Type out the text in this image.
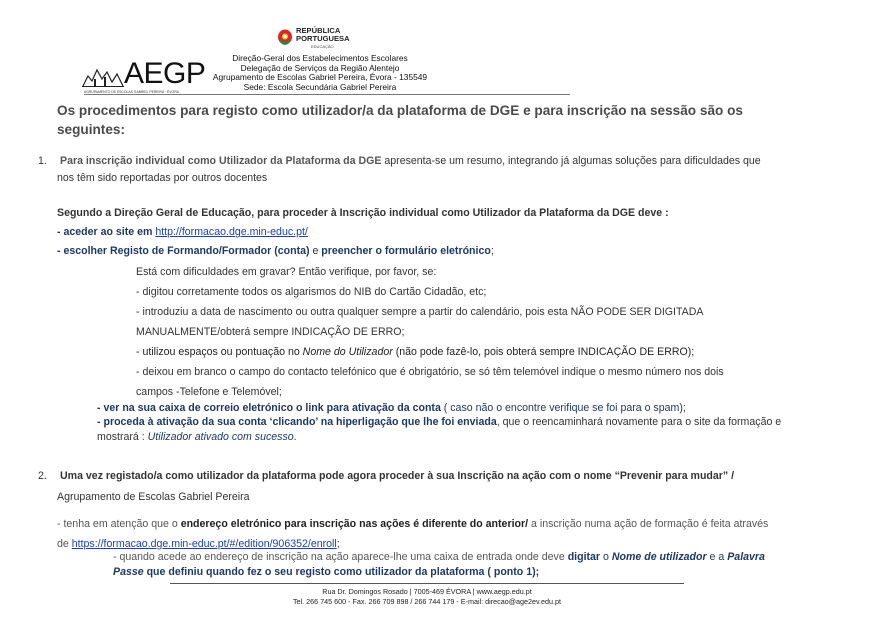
REPÚBLICA
PORTUGUESA
EDUCAÇÃO
Direção-Geral dos Estabelecimentos Escolares
Delegação de Serviços da Região Alentejo
Agrupamento de Escolas Gabriel Pereira, Évora - 135549
Sede: Escola Secundária Gabriel Pereira
AEGP
AGRUPAMENTO DE ESCOLAS GABRIEL PEREIRA · ÉVORA
Os procedimentos para registo como utilizador/a da plataforma de DGE e para inscrição na sessão são os
seguintes:
1. Para inscrição individual como Utilizador da Plataforma da DGE apresenta-se um resumo, integrando já algumas soluções para dificuldades que
nos têm sido reportadas por outros docentes
Segundo a Direção Geral de Educação, para proceder à Inscrição individual como Utilizador da Plataforma da DGE deve :
- aceder ao site em http://formacao.dge.min-educ.pt/
- escolher Registo de Formando/Formador (conta) e preencher o formulário eletrónico;
Está com dificuldades em gravar? Então verifique, por favor, se:
- digitou corretamente todos os algarismos do NIB do Cartão Cidadão, etc;
- introduziu a data de nascimento ou outra qualquer sempre a partir do calendário, pois esta NÃO PODE SER DIGITADA
MANUALMENTE/obterá sempre INDICAÇÃO DE ERRO;
- utilizou espaços ou pontuação no Nome do Utilizador (não pode fazê-lo, pois obterá sempre INDICAÇÃO DE ERRO);
- deixou em branco o campo do contacto telefónico que é obrigatório, se só têm telemóvel indique o mesmo número nos dois
campos -Telefone e Telemóvel;
- ver na sua caixa de correio eletrónico o link para ativação da conta ( caso não o encontre verifique se foi para o spam);
- proceda à ativação da sua conta ‘clicando’ na hiperligação que lhe foi enviada, que o reencaminhará novamente para o site da formação e
mostrará : Utilizador ativado com sucesso.
2. Uma vez registado/a como utilizador da plataforma pode agora proceder à sua Inscrição na ação com o nome “Prevenir para mudar” /
Agrupamento de Escolas Gabriel Pereira
- tenha em atenção que o endereço eletrónico para inscrição nas ações é diferente do anterior/ a inscrição numa ação de formação é feita através
de https://formacao.dge.min-educ.pt/#/edition/906352/enroll;
- quando acede ao endereço de inscrição na ação aparece-lhe uma caixa de entrada onde deve digitar o Nome de utilizador e a Palavra
Passe que definiu quando fez o seu registo como utilizador da plataforma ( ponto 1);
Rua Dr. Domingos Rosado | 7005-469 ÉVORA | www.aegp.edu.pt
Tel. 266 745 600 - Fax. 266 709 898 / 266 744 179 - E-mail: direcao@age2ev.edu.pt
